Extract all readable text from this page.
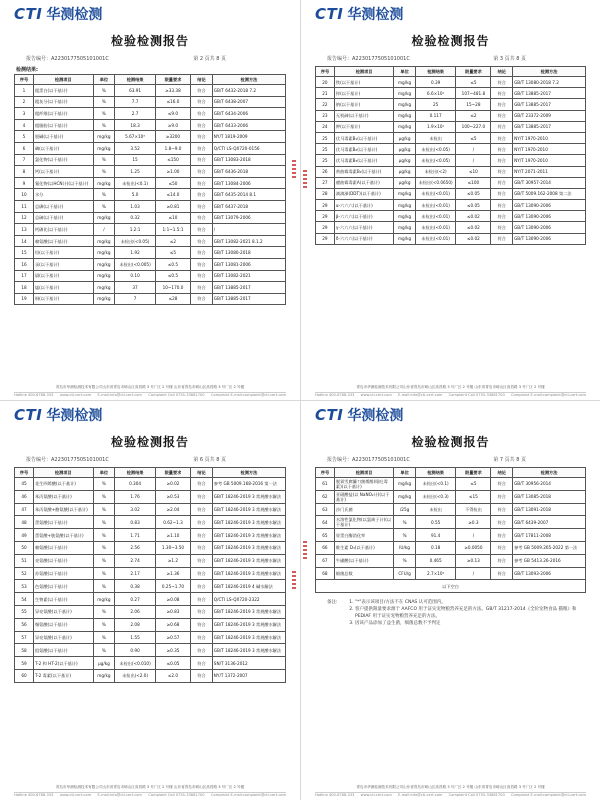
CTI 华测检测
检验检测报告
报告编号：A2230177505101001C	第 2 页共 8 页
检测结果:
序号	检测项目	单位	检测结果	限量要求	结论	检测方法
1	粗蛋白(以干基计)	%	63.91	≥33.38	符合	GB/T 6432-2018 7.2
2	粗灰分(以干基计)	%	7.7	≤16.0	符合	GB/T 6438-2007
3	粗纤维(以干基计)	%	2.7	≤9.0	符合	GB/T 6434-2006
4	粗脂肪(以干基计)	%	18.3	≥9.0	符合	GB/T 6433-2006
5	胆碱(以干基计)	mg/kg	5.67×10³	≥3200	符合	NY/T 1819-2009
6	碘(以干基计)	mg/kg	3.52	1.8~9.0	符合	Q/CTI LS-QX720-0156
7	氯化物(以干基计)	%	15	≤150	符合	GB/T 13083-2018
8	钙(以干基计)	%	1.25	≥1.00	符合	GB/T 6436-2018
9	氰化物(以HCN计)(以干基计)	mg/kg	未检出(<0.1)	≤50	符合	GB/T 13084-2006
10	水分	%	5.0	≤14.0	符合	GB/T 6435-2014 8.1
11	总磷(以干基计)	%	1.03	≥0.81	符合	GB/T 6437-2018
12	总砷(以干基计)	mg/kg	0.32	≤10	符合	GB/T 13079-2006
13	钙磷比(以干基计)	/	1.2:1	1:1~1.5:1	符合	/
14	赖氨酸(以干基计)	mg/kg	未检出(<0.05)	≤2	符合	GB/T 13082-2021 8.1.2
15	铅(以干基计)	mg/kg	1.92	≤5	符合	GB/T 13080-2018
16	汞(以干基计)	mg/kg	未检出(<0.005)	≤0.5	符合	GB/T 13081-2006
17	镉(以干基计)	mg/kg	0.10	≤0.5	符合	GB/T 13082-2021
18	锰(以干基计)	mg/kg	37	10~170.0	符合	GB/T 13885-2017
19	铜(以干基计)	mg/kg	7	≤28	符合	GB/T 13885-2017
青岛市华测检测技术有限公司山东省青岛市崂山区高昌路 3 号厂区 2 号楼 山东省青岛市崂山区高昌路 3 号厂区 2 号楼
Hotline 400-6788-333 www.cti-cert.com E-mail:info@cti-cert.com Complaint Call 0755-33681700 Complaint E-mail:complaint@cti-cert.com
CTI 华测检测
检验检测报告
报告编号：A2230177505101001C	第 3 页共 8 页
序号	检测项目	单位	检测结果	限量要求	结论	检测方法
20	铁(以干基计)	mg/kg	0.39	≤5	符合	GB/T 13080-2018 7.2
21	锌(以干基计)	mg/kg	6.6×10¹	107~481.8	符合	GB/T 13885-2017
22	钠(以干基计)	mg/kg	25	15~28	符合	GB/T 13885-2017
23	无机砷(以干基计)	mg/kg	0.117	≤2	符合	GB/T 23372-2009
24	钾(以干基计)	mg/kg	1.9×10¹	100~227.0	符合	GB/T 13885-2017
25	伏马毒素B₁(以干基计)	μg/kg	未检出	≤5	符合	NY/T 1970-2010
25	伏马毒素B₂(以干基计)	μg/kg	未检出(<0.05)	/	符合	NY/T 1970-2010
25	伏马毒素B₃(以干基计)	μg/kg	未检出(<0.05)	/	符合	NY/T 1970-2010
26	黄曲霉毒素B₁(以干基计)	μg/kg	未检出(<2)	≤10	符合	NY/T 2071-2011
27	赭曲霉毒素A(以干基计)	μg/kg	未检出(<0.0650)	≤100	符合	GB/T 30957-2014
28	滴滴涕(DDT)(以干基计)	mg/kg	未检出(<0.01)	≤0.05	符合	GB/T 5009.162-2008 第二法
29	α-六六六(以干基计)	mg/kg	未检出(<0.01)	≤0.05	符合	GB/T 13090-2006
29	β-六六六(以干基计)	mg/kg	未检出(<0.01)	≤0.02	符合	GB/T 13090-2006
29	γ-六六六(以干基计)	mg/kg	未检出(<0.01)	≤0.02	符合	GB/T 13090-2006
29	δ-六六六(以干基计)	mg/kg	未检出(<0.01)	≤0.02	符合	GB/T 13090-2006
青岛市华测检测技术有限公司山东省青岛市崂山区高昌路 3 号厂区 2 号楼 山东省青岛市崂山区高昌路 3 号厂区 2 号楼
Hotline 400-6788-333 www.cti-cert.com E-mail:info@cti-cert.com Complaint Call 0755-33681700 Complaint E-mail:complaint@cti-cert.com
CTI 华测检测
检验检测报告
报告编号：A2230177505101001C	第 6 页共 8 页
序号	检测项目	单位	检测结果	限量要求	结论	检测方法
45	花生四烯酸(以干基计)	%	0.304	≥0.02	符合	参考 GB 5009.168-2016 第一法
46	苯丙氨酸(以干基计)	%	1.76	≥0.53	符合	GB/T 18246-2019 3 常规酸水解法
47	苯丙氨酸+酪氨酸(以干基计)	%	3.02	≥2.04	符合	GB/T 18246-2019 3 常规酸水解法
48	蛋氨酸(以干基计)	%	0.83	0.62~1.3	符合	GB/T 18246-2019 3 常规酸水解法
49	蛋氨酸+胱氨酸(以干基计)	%	1.71	≥1.10	符合	GB/T 18246-2019 3 常规酸水解法
50	赖氨酸(以干基计)	%	2.56	1.30~3.50	符合	GB/T 18246-2019 3 常规酸水解法
51	亮氨酸(以干基计)	%	2.74	≥1.2	符合	GB/T 18246-2019 3 常规酸水解法
52	苏氨酸(以干基计)	%	2.17	≥1.36	符合	GB/T 18246-2019 3 常规酸水解法
53	色氨酸(以干基计)	%	0.38	0.25~1.70	符合	GB/T 18246-2019 4 碱水解法
54	生物素(以干基计)	mg/kg	0.27	≥0.08	符合	Q/CTI LS-QX720-2322
55	异亮氨酸(以干基计)	%	2.06	≥0.83	符合	GB/T 18246-2019 3 常规酸水解法
56	缬氨酸(以干基计)	%	2.08	≥0.68	符合	GB/T 18246-2019 3 常规酸水解法
57	异亮氨酸(以干基计)	%	1.55	≥0.57	符合	GB/T 18246-2019 3 常规酸水解法
58	组氨酸(以干基计)	%	0.90	≥0.35	符合	GB/T 18246-2019 3 常规酸水解法
59	T-2 和 HT-2(以干基计)	μg/kg	未检出(<0.010)	≤0.05	符合	SN/T 3136-2012
60	T-2 毒素(以干基计)	mg/kg	未检出(<2.0)	≤2.0	符合	NY/T 1372-2007
青岛市华测检测技术有限公司山东省青岛市崂山区高昌路 3 号厂区 2 号楼 山东省青岛市崂山区高昌路 3 号厂区 2 号楼
Hotline 400-6788-333 www.cti-cert.com E-mail:info@cti-cert.com Complaint Call 0755-33681700 Complaint E-mail:complaint@cti-cert.com
CTI 华测检测
检验检测报告
报告编号：A2230177505101001C	第 7 页共 8 页
序号	检测项目	单位	检测结果	限量要求	结论	检测方法
61	脱氧雪腐镰刀菌烯醇(呕吐毒素)(以干基计)	mg/kg	未检出(<0.1)	≤5	符合	GB/T 30956-2014
62	亚硝酸盐(以 NaNO₂计)(以干基计)	mg/kg	未检出(<0.3)	≤15	符合	GB/T 13085-2018
63	沙门氏菌	/25g	未检出	不得检出	符合	GB/T 13091-2018
64	水溶性氯化物(以氯离子计)(以干基计)	%	0.55	≥0.3	符合	GB/T 6439-2007
65	胃蛋白酶消化率	%	91.4	/	符合	GB/T 17811-2008
66	维生素 D₃(以干基计)	IU/kg	0.18	≥0.0050	符合	参考 GB 5009.265-2022 第一法
67	牛磺酸(以干基计)	%	0.465	≥0.13	符合	参考 GB 5413.26-2016
68	细菌总数	CFU/g	2.7×10³	/	符合	GB/T 13093-2006
以下空白						
备注:	1. "*"表示该项目/方法不在 CNAS 认可范围内。
2. 客户提供限量要求源于 AAFCO 用于证实宠物粮营养充足的方法。GB/T 31217-2014《全价宠物食品 猫粮》和 PEDIAF 用于证实宠物粮营养充足的方法。
3. 因该产品添加了益生菌，细菌总数不予判定
青岛市华测检测技术有限公司山东省青岛市崂山区高昌路 3 号厂区 2 号楼 山东省青岛市崂山区高昌路 3 号厂区 2 号楼
Hotline 400-6788-333 www.cti-cert.com E-mail:info@cti-cert.com Complaint Call 0755-33681700 Complaint E-mail:complaint@cti-cert.com
